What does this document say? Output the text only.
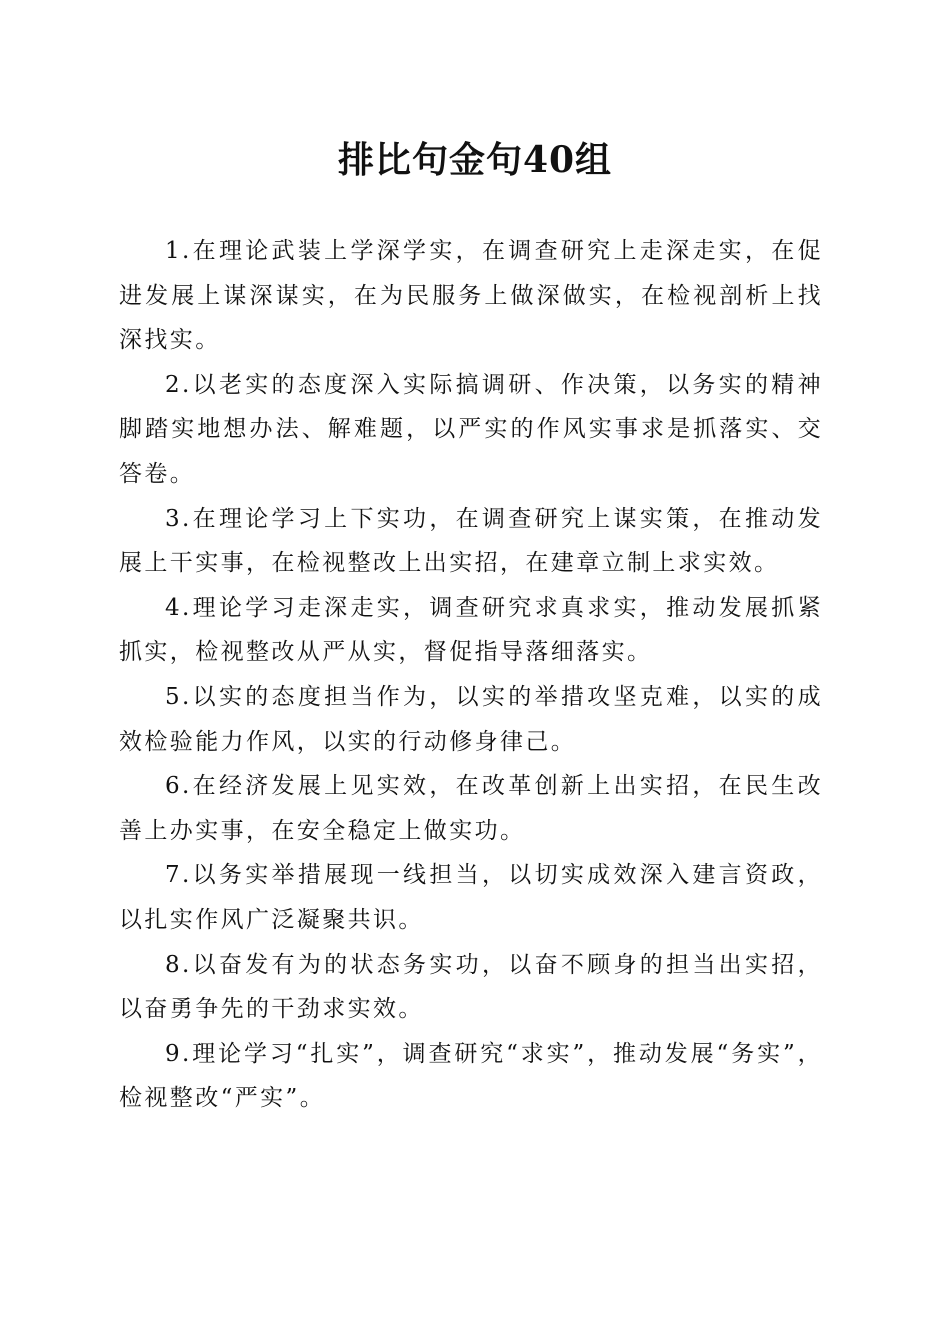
排比句金句40组

1.在理论武装上学深学实，在调查研究上走深走实，在促进发展上谋深谋实，在为民服务上做深做实，在检视剖析上找深找实。

2.以老实的态度深入实际搞调研、作决策，以务实的精神脚踏实地想办法、解难题，以严实的作风实事求是抓落实、交答卷。

3.在理论学习上下实功，在调查研究上谋实策，在推动发展上干实事，在检视整改上出实招，在建章立制上求实效。

4.理论学习走深走实，调查研究求真求实，推动发展抓紧抓实，检视整改从严从实，督促指导落细落实。

5.以实的态度担当作为，以实的举措攻坚克难，以实的成效检验能力作风，以实的行动修身律己。

6.在经济发展上见实效，在改革创新上出实招，在民生改善上办实事，在安全稳定上做实功。

7.以务实举措展现一线担当，以切实成效深入建言资政，以扎实作风广泛凝聚共识。

8.以奋发有为的状态务实功，以奋不顾身的担当出实招，以奋勇争先的干劲求实效。

9.理论学习“扎实”，调查研究“求实”，推动发展“务实”，检视整改“严实”。
